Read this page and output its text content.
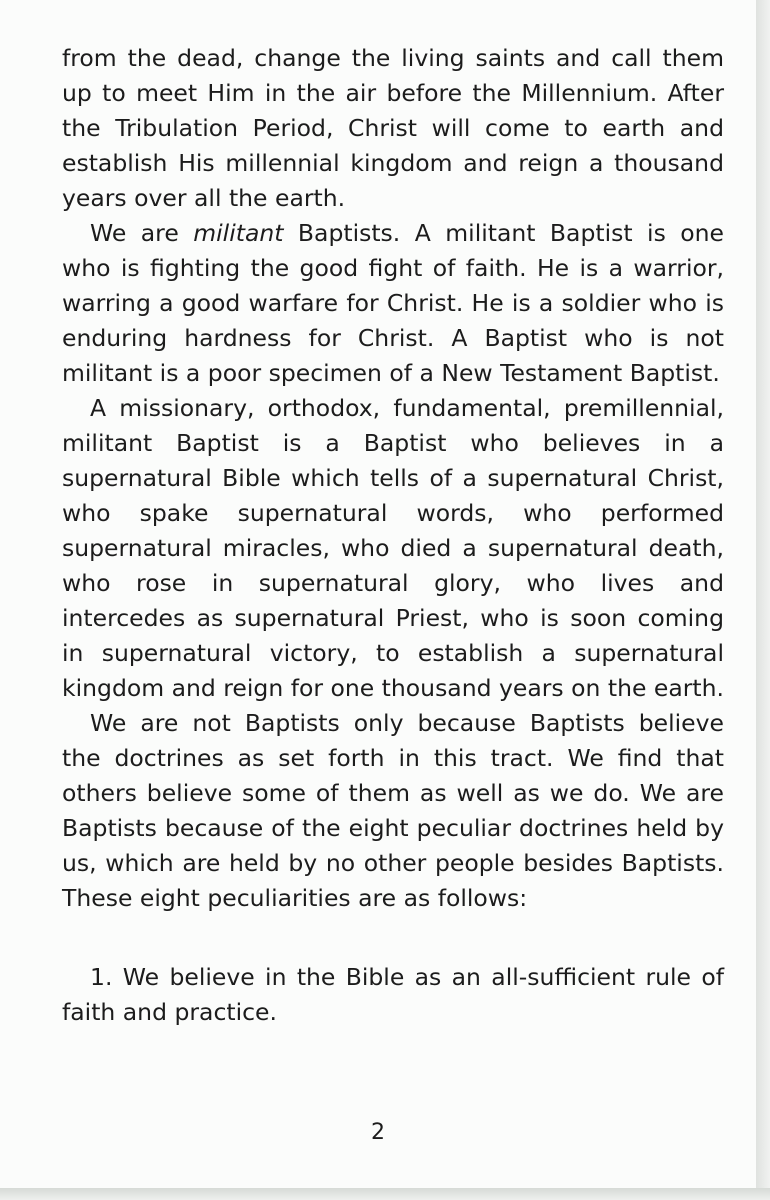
from the dead, change the living saints and call them up to meet Him in the air before the Millennium. After the Tribulation Period, Christ will come to earth and establish His millennial kingdom and reign a thousand years over all the earth.

We are militant Baptists. A militant Baptist is one who is fighting the good fight of faith. He is a warrior, warring a good warfare for Christ. He is a soldier who is enduring hardness for Christ. A Baptist who is not militant is a poor specimen of a New Testament Baptist.

A missionary, orthodox, fundamental, premillennial, militant Baptist is a Baptist who believes in a supernatural Bible which tells of a supernatural Christ, who spake supernatural words, who performed supernatural miracles, who died a supernatural death, who rose in supernatural glory, who lives and intercedes as supernatural Priest, who is soon coming in supernatural victory, to establish a supernatural kingdom and reign for one thousand years on the earth.

We are not Baptists only because Baptists believe the doctrines as set forth in this tract. We find that others believe some of them as well as we do. We are Baptists because of the eight peculiar doctrines held by us, which are held by no other people besides Baptists. These eight peculiarities are as follows:

1. We believe in the Bible as an all-sufficient rule of faith and practice.

2
